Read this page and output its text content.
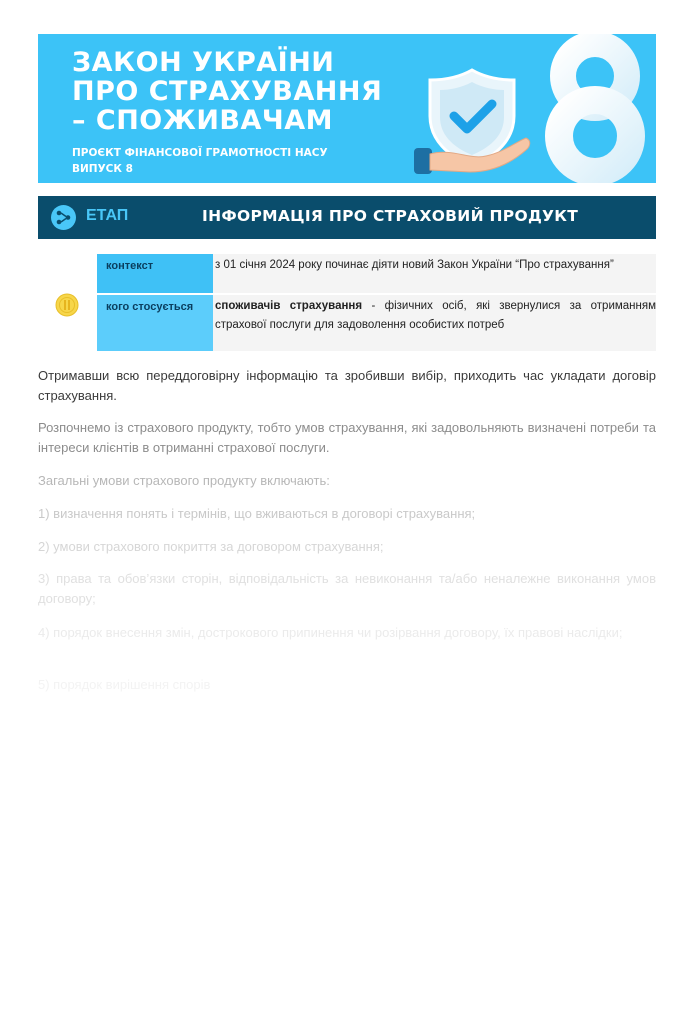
ЗАКОН УКРАЇНИ
ПРО СТРАХУВАННЯ
– СПОЖИВАЧАМ
ПРОЄКТ ФІНАНСОВОЇ ГРАМОТНОСТІ НАСУ
ВИПУСК 8
ЕТАП	ІНФОРМАЦІЯ ПРО СТРАХОВИЙ ПРОДУКТ
контекст	з 01 січня 2024 року починає діяти новий Закон України “Про страхування”
кого стосується	споживачів страхування - фізичних осіб, які звернулися за отриманням страхової послуги для задоволення особистих потреб

Отримавши всю переддоговірну інформацію та зробивши вибір, приходить час укладати договір страхування.

Розпочнемо із страхового продукту, тобто умов страхування, які задовольняють визначені потреби та інтереси клієнтів в отриманні страхової послуги.

Загальні умови страхового продукту включають:

1) визначення понять і термінів, що вживаються в договорі страхування;

2) умови страхового покриття за договором страхування;

3) права та обов’язки сторін, відповідальність за невиконання та/або неналежне виконання умов договору;

4) порядок внесення змін, дострокового припинення чи розірвання договору, їх правові наслідки;

5) порядок вирішення спорів
